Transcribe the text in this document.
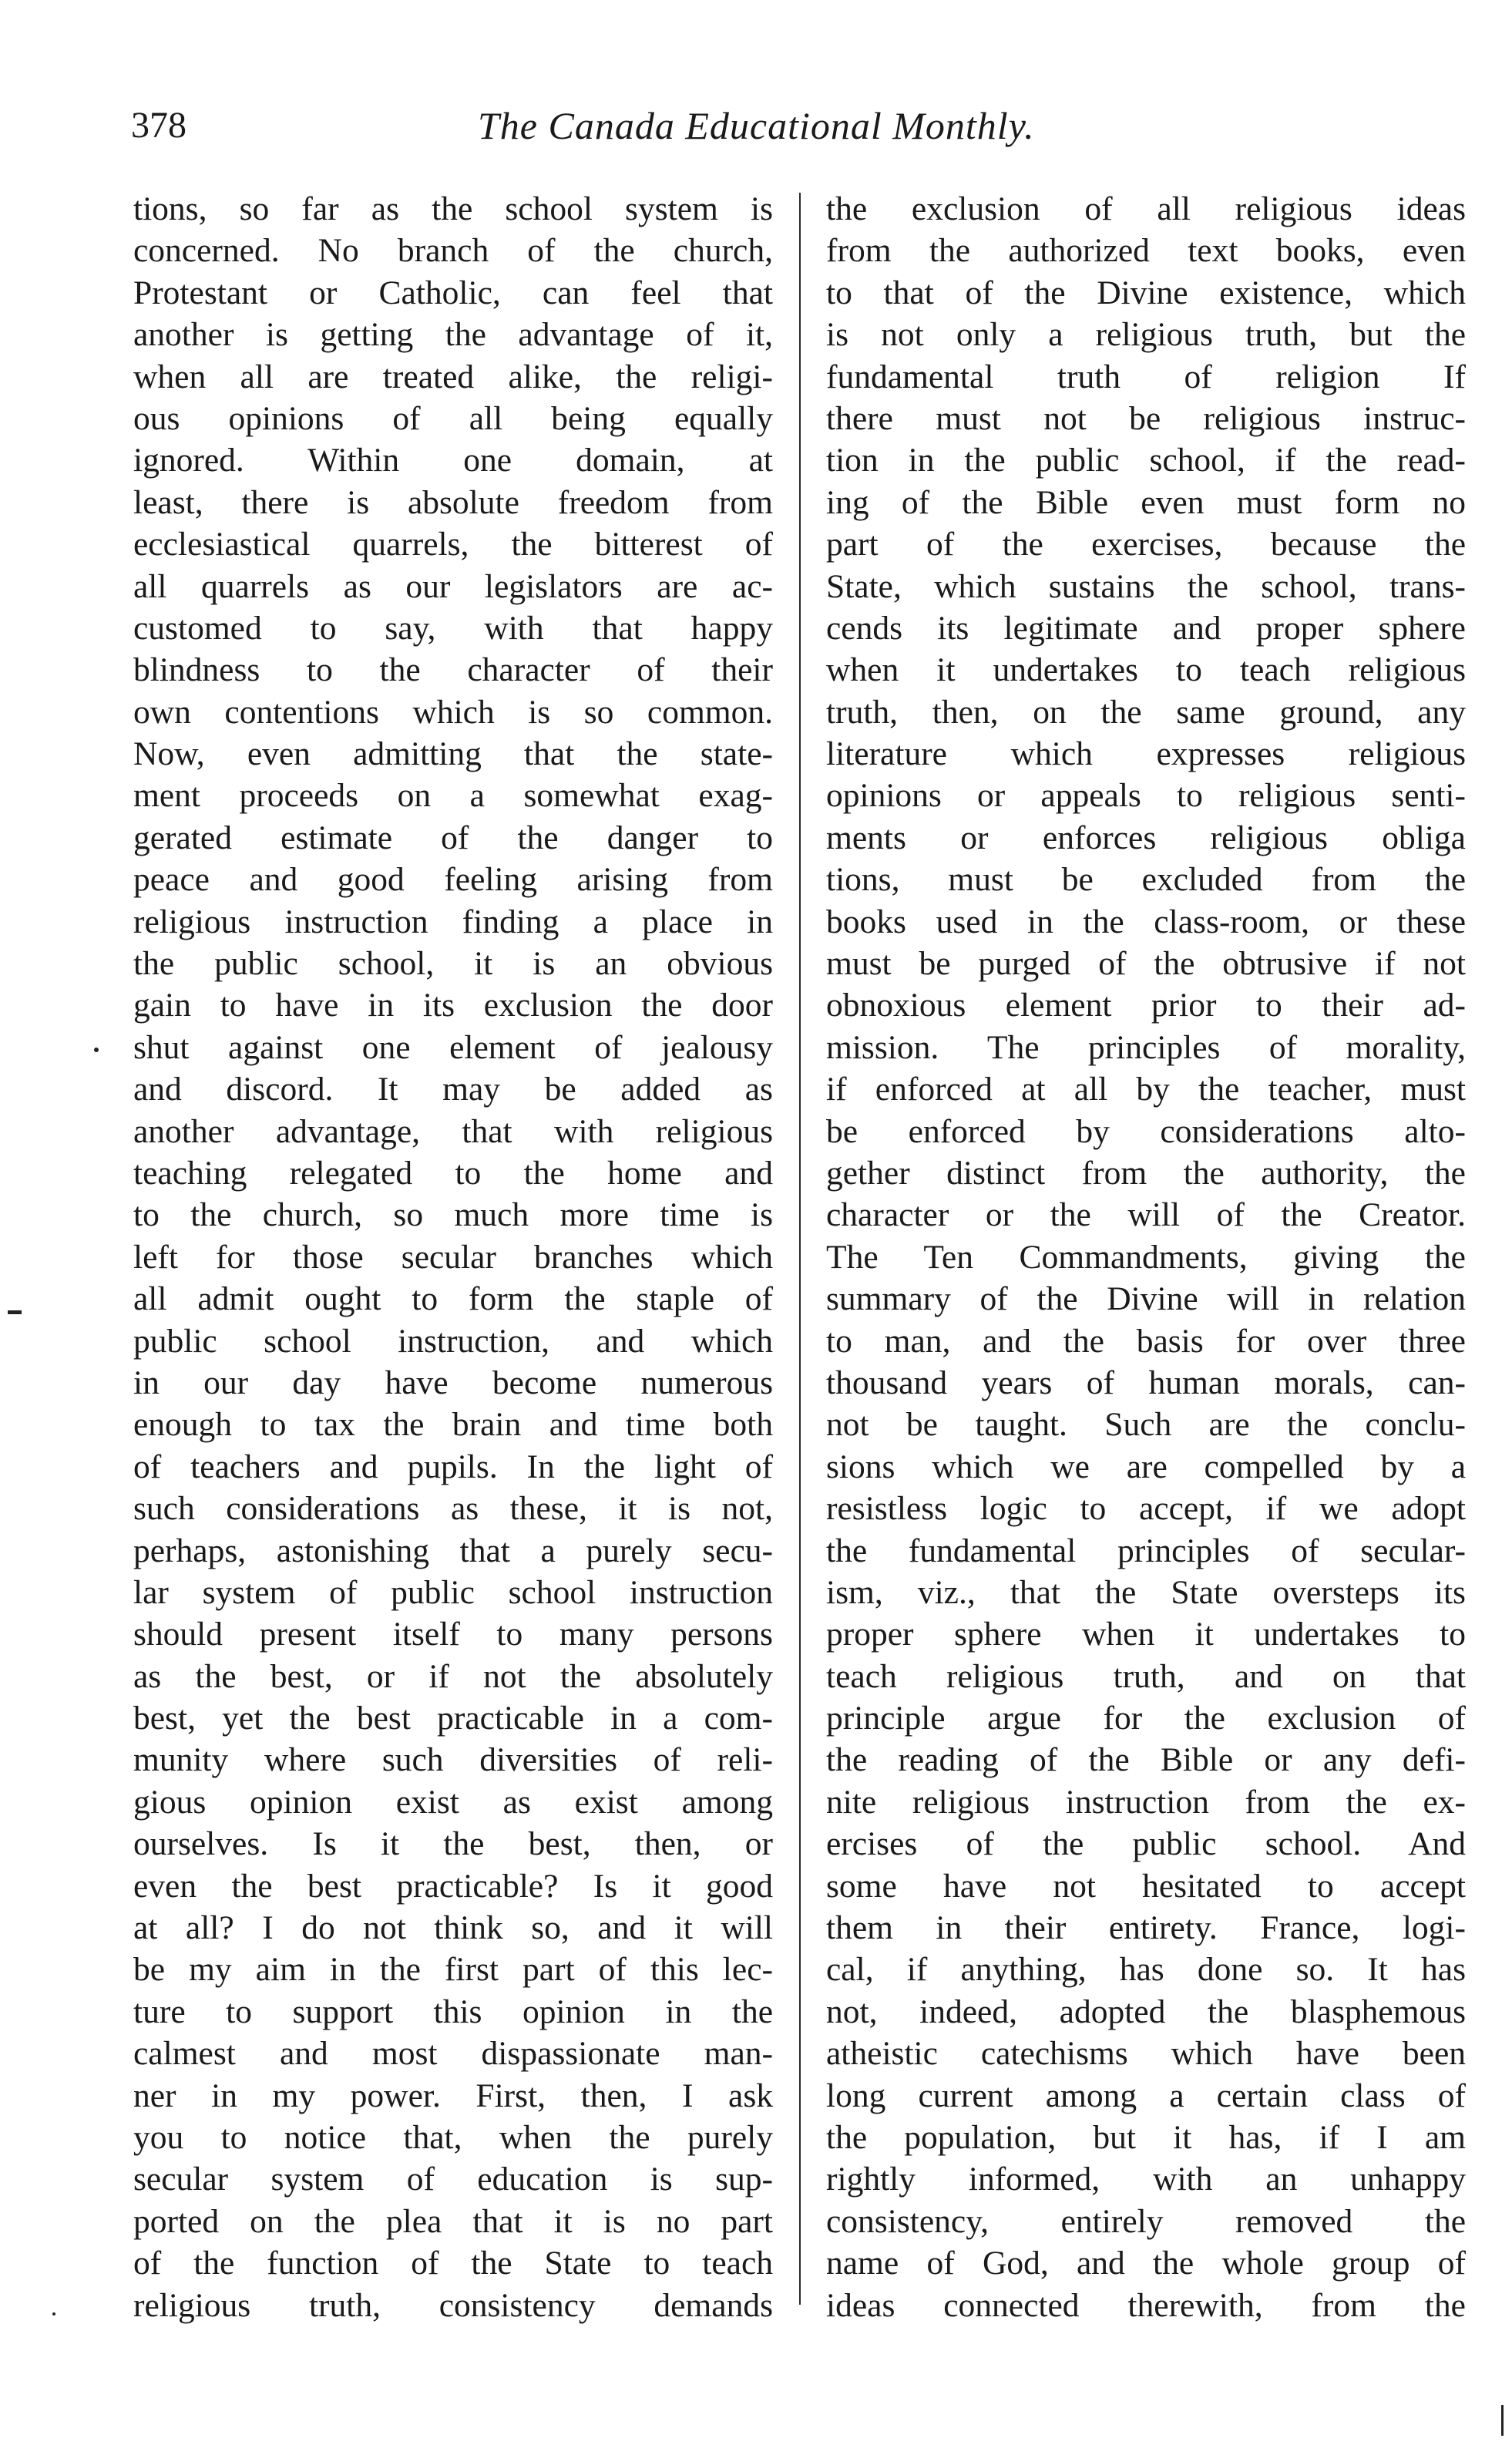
378	The Canada Educational Monthly.
tions, so far as the school system is
concerned. No branch of the church,
Protestant or Catholic, can feel that
another is getting the advantage of it,
when all are treated alike, the religi-
ous opinions of all being equally
ignored. Within one domain, at
least, there is absolute freedom from
ecclesiastical quarrels, the bitterest of
all quarrels as our legislators are ac-
customed to say, with that happy
blindness to the character of their
own contentions which is so common.
Now, even admitting that the state-
ment proceeds on a somewhat exag-
gerated estimate of the danger to
peace and good feeling arising from
religious instruction finding a place in
the public school, it is an obvious
gain to have in its exclusion the door
shut against one element of jealousy
and discord. It may be added as
another advantage, that with religious
teaching relegated to the home and
to the church, so much more time is
left for those secular branches which
all admit ought to form the staple of
public school instruction, and which
in our day have become numerous
enough to tax the brain and time both
of teachers and pupils. In the light of
such considerations as these, it is not,
perhaps, astonishing that a purely secu-
lar system of public school instruction
should present itself to many persons
as the best, or if not the absolutely
best, yet the best practicable in a com-
munity where such diversities of reli-
gious opinion exist as exist among
ourselves. Is it the best, then, or
even the best practicable? Is it good
at all? I do not think so, and it will
be my aim in the first part of this lec-
ture to support this opinion in the
calmest and most dispassionate man-
ner in my power. First, then, I ask
you to notice that, when the purely
secular system of education is sup-
ported on the plea that it is no part
of the function of the State to teach
religious truth, consistency demands
the exclusion of all religious ideas
from the authorized text books, even
to that of the Divine existence, which
is not only a religious truth, but the
fundamental truth of religion If
there must not be religious instruc-
tion in the public school, if the read-
ing of the Bible even must form no
part of the exercises, because the
State, which sustains the school, trans-
cends its legitimate and proper sphere
when it undertakes to teach religious
truth, then, on the same ground, any
literature which expresses religious
opinions or appeals to religious senti-
ments or enforces religious obliga
tions, must be excluded from the
books used in the class-room, or these
must be purged of the obtrusive if not
obnoxious element prior to their ad-
mission. The principles of morality,
if enforced at all by the teacher, must
be enforced by considerations alto-
gether distinct from the authority, the
character or the will of the Creator.
The Ten Commandments, giving the
summary of the Divine will in relation
to man, and the basis for over three
thousand years of human morals, can-
not be taught. Such are the conclu-
sions which we are compelled by a
resistless logic to accept, if we adopt
the fundamental principles of secular-
ism, viz., that the State oversteps its
proper sphere when it undertakes to
teach religious truth, and on that
principle argue for the exclusion of
the reading of the Bible or any defi-
nite religious instruction from the ex-
ercises of the public school. And
some have not hesitated to accept
them in their entirety. France, logi-
cal, if anything, has done so. It has
not, indeed, adopted the blasphemous
atheistic catechisms which have been
long current among a certain class of
the population, but it has, if I am
rightly informed, with an unhappy
consistency, entirely removed the
name of God, and the whole group of
ideas connected therewith, from the
